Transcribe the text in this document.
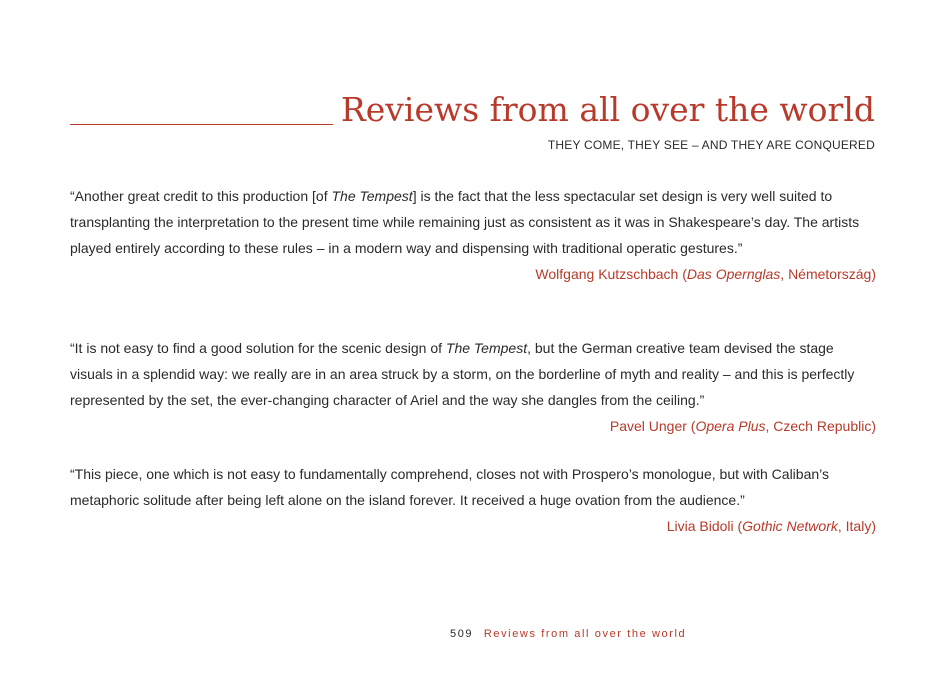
Reviews from all over the world
THEY COME, THEY SEE – AND THEY ARE CONQUERED

“Another great credit to this production [of The Tempest] is the fact that the less spectacular set design is very well suited to transplanting the interpretation to the present time while remaining just as consistent as it was in Shakespeare’s day. The artists played entirely according to these rules – in a modern way and dispensing with traditional operatic gestures.”

Wolfgang Kutzschbach (Das Opernglas, Németország)

“It is not easy to find a good solution for the scenic design of The Tempest, but the German creative team devised the stage visuals in a splendid way: we really are in an area struck by a storm, on the borderline of myth and reality – and this is perfectly represented by the set, the ever-changing character of Ariel and the way she dangles from the ceiling.”

Pavel Unger (Opera Plus, Czech Republic)

“This piece, one which is not easy to fundamentally comprehend, closes not with Prospero’s monologue, but with Caliban’s metaphoric solitude after being left alone on the island forever. It received a huge ovation from the audience.”

Livia Bidoli (Gothic Network, Italy)
509 Reviews from all over the world
